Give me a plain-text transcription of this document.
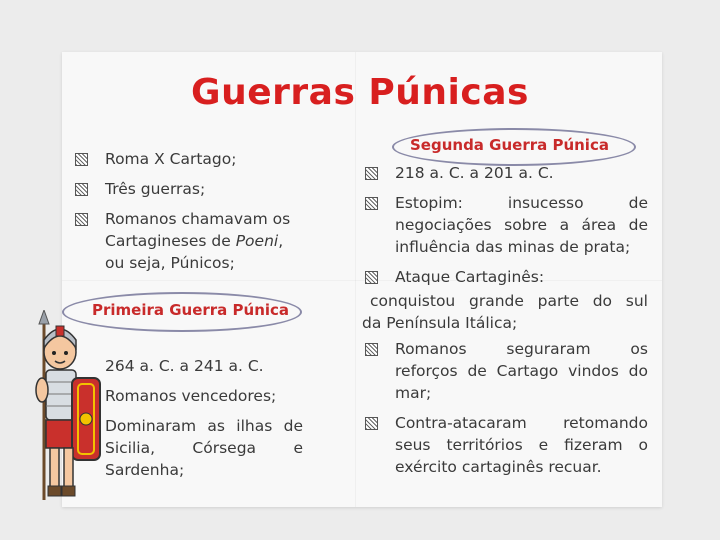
Guerras Púnicas
Roma X Cartago;
Três guerras;
Romanos chamavam os
Cartagineses de Poeni,
ou seja, Púnicos;
Primeira Guerra Púnica
264 a. C. a 241 a. C.
Romanos vencedores;
Dominaram as ilhas de
Sicilia, Córsega e
Sardenha;
Segunda Guerra Púnica
218 a. C. a 201 a. C.
Estopim: insucesso de
negociações sobre a área de
influência das minas de prata;
Ataque Cartaginês:
conquistou grande parte do sul
da Península Itálica;
Romanos seguraram os
reforços de Cartago vindos do
mar;
Contra-atacaram retomando
seus territórios e fizeram o
exército cartaginês recuar.
